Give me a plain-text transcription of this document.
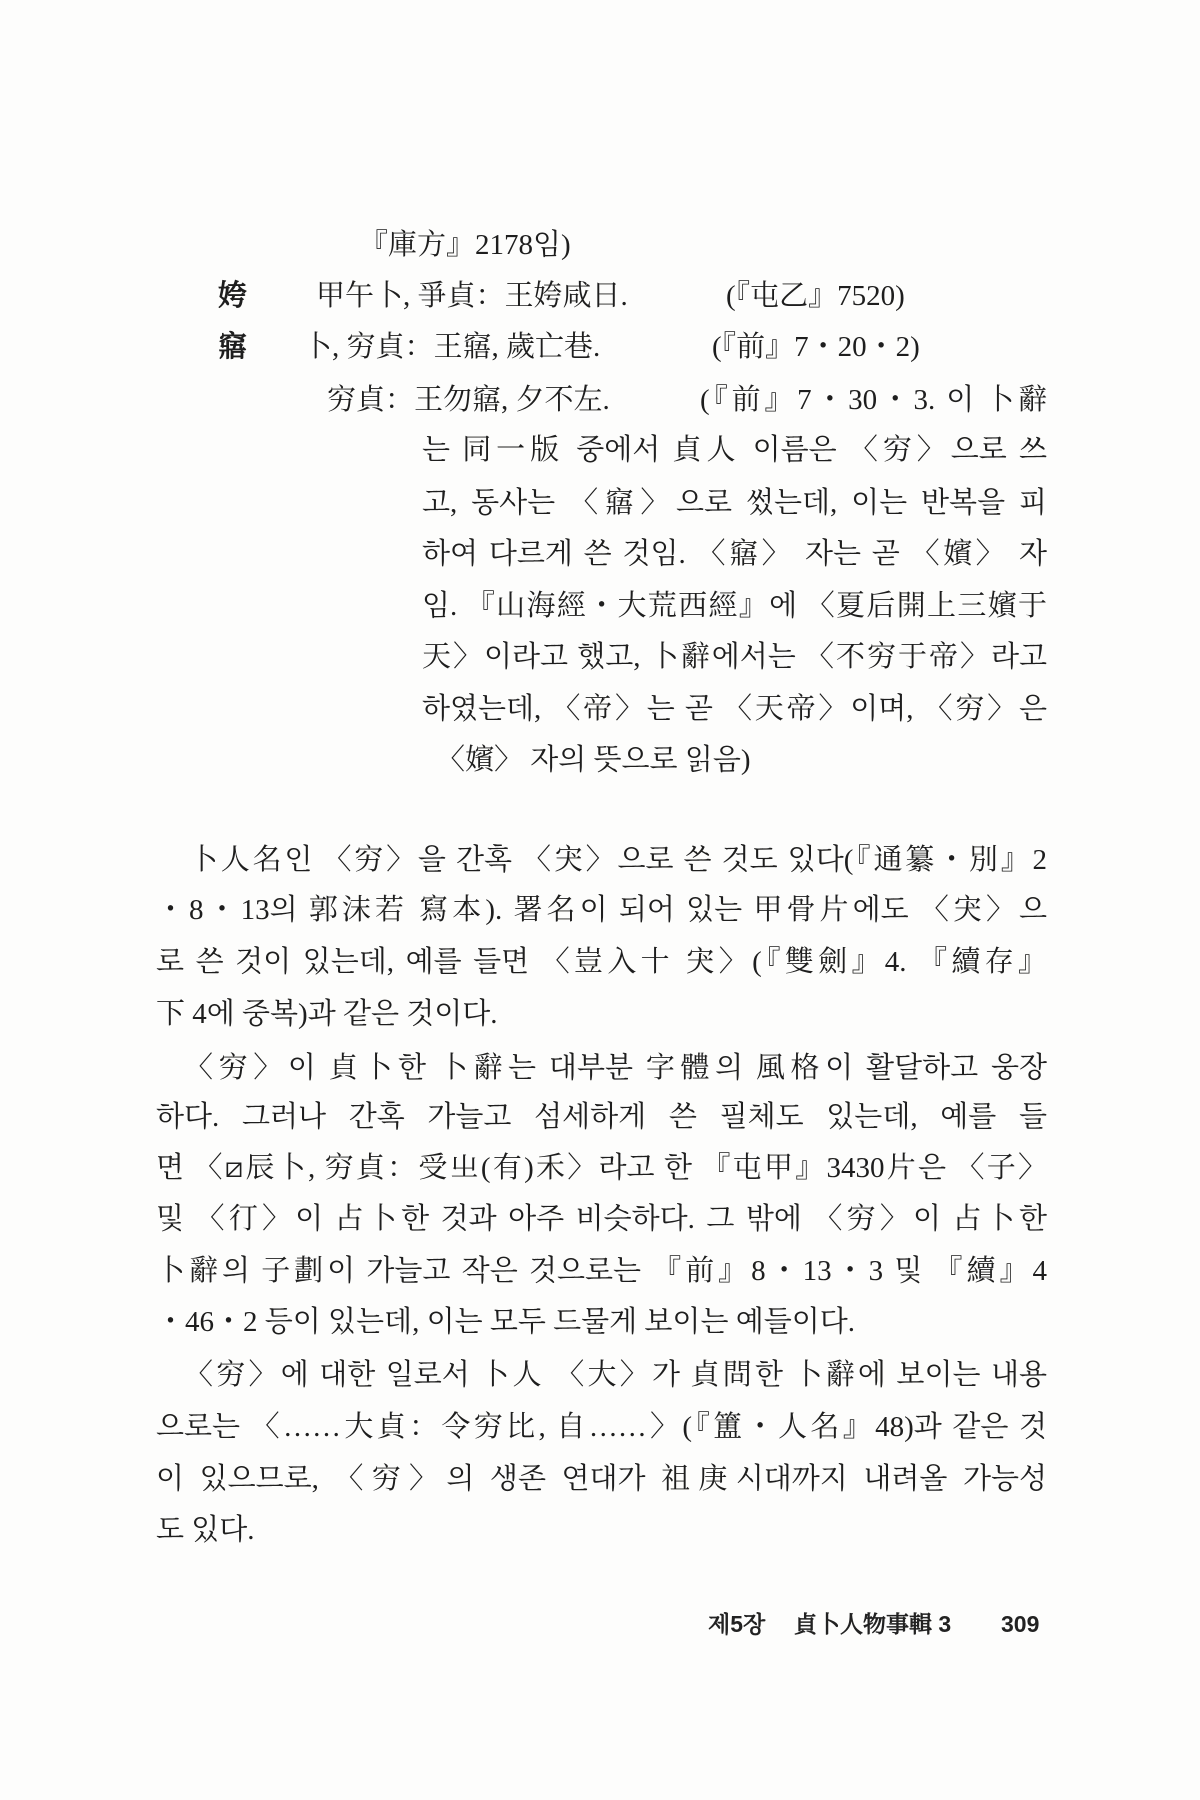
『庫方』2178임)
姱 甲午卜, 爭貞：王姱咸日.	(『屯乙』7520)
窹 卜, 穷貞：王窹, 歲亡巷.	(『前』7・20・2)
穷貞：王勿窹, 夕不左.	(『前』7・30・3. 이 卜辭
는 同一版 중에서 貞人 이름은 〈穷〉으로 쓰
고, 동사는 〈窹〉으로 썼는데, 이는 반복을 피
하여 다르게 쓴 것임. 〈窹〉 자는 곧 〈嬪〉 자
임. 『山海經・大荒西經』에 〈夏后開上三嬪于
天〉이라고 했고, 卜辭에서는 〈不穷于帝〉라고
하였는데, 〈帝〉는 곧 〈天帝〉이며, 〈穷〉은
〈嬪〉 자의 뜻으로 읽음)
卜人名인 〈穷〉을 간혹 〈宊〉으로 쓴 것도 있다(『通纂・別』2
・8・13의 郭沫若 寫本). 署名이 되어 있는 甲骨片에도 〈宊〉으
로 쓴 것이 있는데, 예를 들면 〈豈入十 宊〉(『雙劍』4. 『續存』
下 4에 중복)과 같은 것이다.
〈穷〉이 貞卜한 卜辭는 대부분 字體의 風格이 활달하고 웅장
하다. 그러나 간혹 가늘고 섬세하게 쓴 필체도 있는데, 예를 들
면 〈⧄辰卜, 穷貞：受㞢(有)禾〉라고 한 『屯甲』3430片은 〈子〉
및 〈㣔〉이 占卜한 것과 아주 비슷하다. 그 밖에 〈穷〉이 占卜한
卜辭의 子劃이 가늘고 작은 것으로는 『前』8・13・3 및 『續』4
・46・2 등이 있는데, 이는 모두 드물게 보이는 예들이다.
〈穷〉에 대한 일로서 卜人 〈大〉가 貞問한 卜辭에 보이는 내용
으로는 〈……大貞：令穷比, 自……〉(『簠・人名』48)과 같은 것
이 있으므로, 〈穷〉의 생존 연대가 祖庚시대까지 내려올 가능성
도 있다.
제5장 貞卜人物事輯 3 309
